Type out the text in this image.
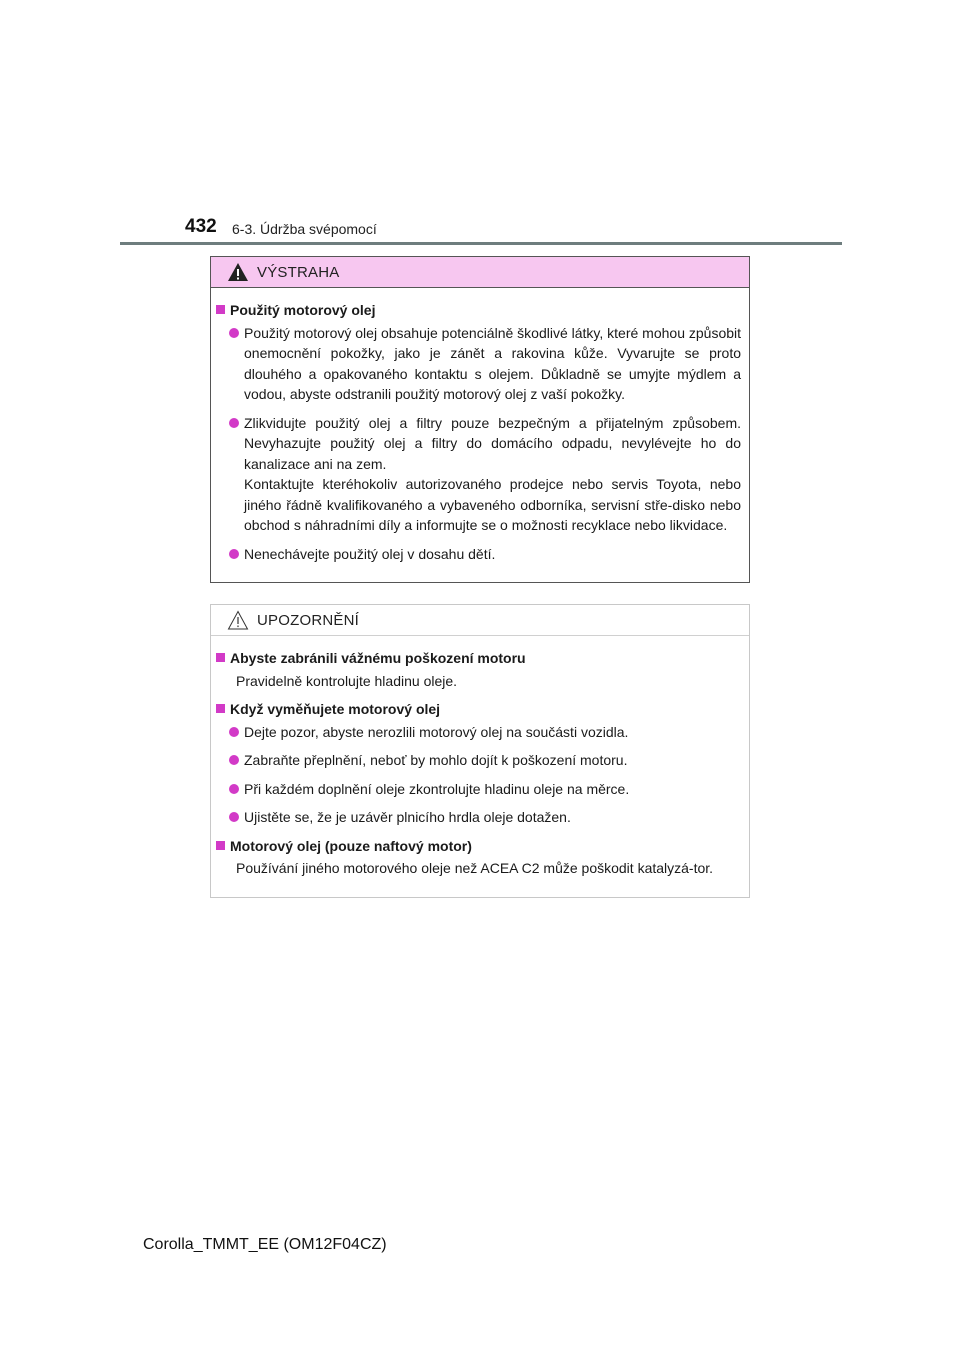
432 6-3. Údržba svépomocí
VÝSTRAHA
Použitý motorový olej
Použitý motorový olej obsahuje potenciálně škodlivé látky, které mohou způsobit onemocnění pokožky, jako je zánět a rakovina kůže. Vyvarujte se proto dlouhého a opakovaného kontaktu s olejem. Důkladně se umyjte mýdlem a vodou, abyste odstranili použitý motorový olej z vaší pokožky.
Zlikvidujte použitý olej a filtry pouze bezpečným a přijatelným způsobem. Nevyhazujte použitý olej a filtry do domácího odpadu, nevylévejte ho do kanalizace ani na zem.
Kontaktujte kteréhokoliv autorizovaného prodejce nebo servis Toyota, nebo jiného řádně kvalifikovaného a vybaveného odborníka, servisní stře-disko nebo obchod s náhradními díly a informujte se o možnosti recyklace nebo likvidace.
Nenechávejte použitý olej v dosahu dětí.
UPOZORNĚNÍ
Abyste zabránili vážnému poškození motoru
Pravidelně kontrolujte hladinu oleje.
Když vyměňujete motorový olej
Dejte pozor, abyste nerozlili motorový olej na součásti vozidla.
Zabraňte přeplnění, neboť by mohlo dojít k poškození motoru.
Při každém doplnění oleje zkontrolujte hladinu oleje na měrce.
Ujistěte se, že je uzávěr plnicího hrdla oleje dotažen.
Motorový olej (pouze naftový motor)
Používání jiného motorového oleje než ACEA C2 může poškodit katalyzá-tor.
Corolla_TMMT_EE (OM12F04CZ)
